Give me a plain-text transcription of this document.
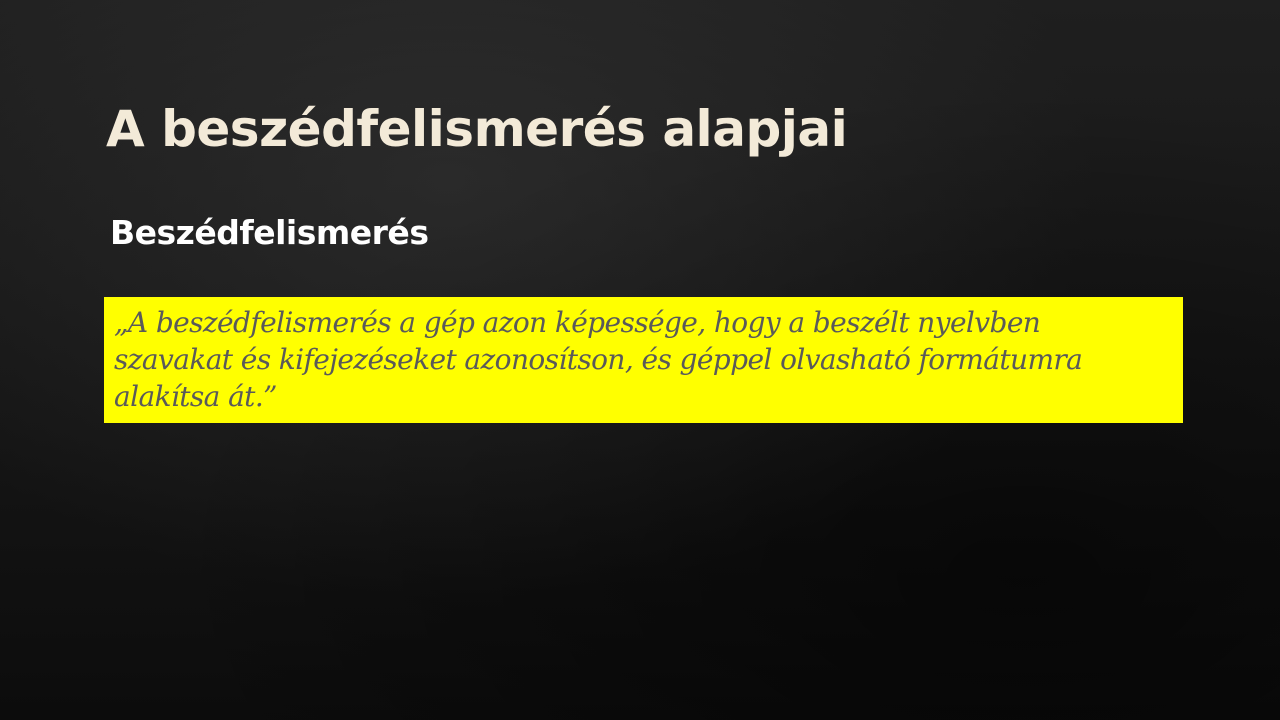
A beszédfelismerés alapjai
Beszédfelismerés

„A beszédfelismerés a gép azon képessége, hogy a beszélt nyelvben
szavakat és kifejezéseket azonosítson, és géppel olvasható formátumra
alakítsa át.”
